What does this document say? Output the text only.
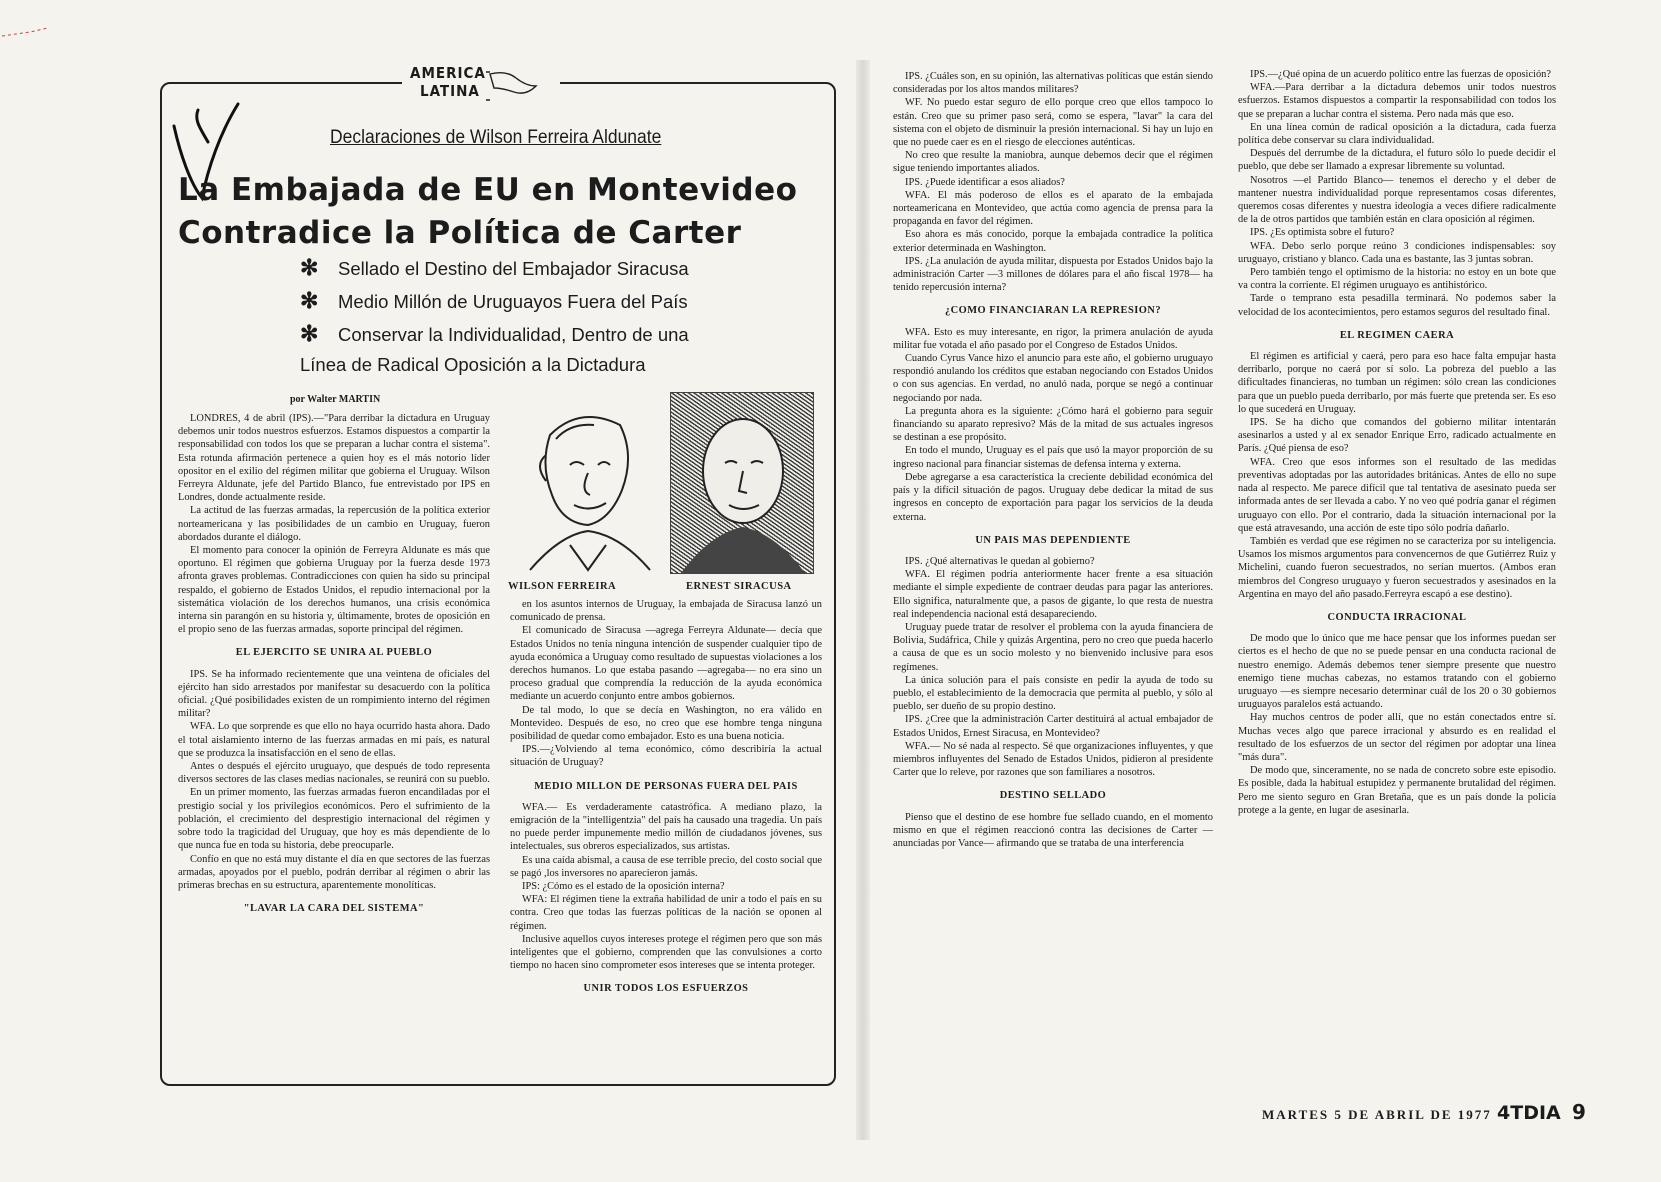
AMERICA
LATINA
Declaraciones de Wilson Ferreira Aldunate
La Embajada de EU en Montevideo
Contradice la Política de Carter
✻ Sellado el Destino del Embajador Siracusa
✻ Medio Millón de Uruguayos Fuera del País
✻ Conservar la Individualidad, Dentro de una
Línea de Radical Oposición a la Dictadura
por Walter MARTIN

LONDRES, 4 de abril (IPS).—"Para derribar la dictadura en Uruguay debemos unir todos nuestros esfuerzos. Estamos dispuestos a compartir la responsabilidad con todos los que se preparan a luchar contra el sistema". Esta rotunda afirmación pertenece a quien hoy es el más notorio líder opositor en el exilio del régimen militar que gobierna el Uruguay. Wilson Ferreyra Aldunate, jefe del Partido Blanco, fue entrevistado por IPS en Londres, donde actualmente reside.

La actitud de las fuerzas armadas, la repercusión de la política exterior norteamericana y las posibilidades de un cambio en Uruguay, fueron abordados durante el diálogo.

El momento para conocer la opinión de Ferreyra Aldunate es más que oportuno. El régimen que gobierna Uruguay por la fuerza desde 1973 afronta graves problemas. Contradicciones con quien ha sido su principal respaldo, el gobierno de Estados Unidos, el repudio internacional por la sistemática violación de los derechos humanos, una crisis económica interna sin parangón en su historia y, últimamente, brotes de oposición en el propio seno de las fuerzas armadas, soporte principal del régimen.

EL EJERCITO SE UNIRA AL PUEBLO

IPS. Se ha informado recientemente que una veintena de oficiales del ejército han sido arrestados por manifestar su desacuerdo con la política oficial. ¿Qué posibilidades existen de un rompimiento interno del régimen militar?

WFA. Lo que sorprende es que ello no haya ocurrido hasta ahora. Dado el total aislamiento interno de las fuerzas armadas en mi país, es natural que se produzca la insatisfacción en el seno de ellas.

Antes o después el ejército uruguayo, que después de todo representa diversos sectores de las clases medias nacionales, se reunirá con su pueblo.

En un primer momento, las fuerzas armadas fueron encandiladas por el prestigio social y los privilegios económicos. Pero el sufrimiento de la población, el crecimiento del desprestigio internacional del régimen y sobre todo la tragicidad del Uruguay, que hoy es más dependiente de lo que nunca fue en toda su historia, debe preocuparle.

Confío en que no está muy distante el día en que sectores de las fuerzas armadas, apoyados por el pueblo, podrán derribar al régimen o abrir las primeras brechas en su estructura, aparentemente monolíticas.

"LAVAR LA CARA DEL SISTEMA"
WILSON FERREIRA	ERNEST SIRACUSA

en los asuntos internos de Uruguay, la embajada de Siracusa lanzó un comunicado de prensa.

El comunicado de Siracusa —agrega Ferreyra Aldunate— decía que Estados Unidos no tenía ninguna intención de suspender cualquier tipo de ayuda económica a Uruguay como resultado de supuestas violaciones a los derechos humanos. Lo que estaba pasando —agregaba— no era sino un proceso gradual que comprendía la reducción de la ayuda económica mediante un acuerdo conjunto entre ambos gobiernos.

De tal modo, lo que se decía en Washington, no era válido en Montevideo. Después de eso, no creo que ese hombre tenga ninguna posibilidad de quedar como embajador. Esto es una buena noticia.

IPS.—¿Volviendo al tema económico, cómo describiría la actual situación de Uruguay?

MEDIO MILLON DE PERSONAS FUERA DEL PAIS

WFA.— Es verdaderamente catastrófica. A mediano plazo, la emigración de la "intelligentzia" del país ha causado una tragedia. Un país no puede perder impunemente medio millón de ciudadanos jóvenes, sus intelectuales, sus obreros especializados, sus artistas.

Es una caída abismal, a causa de ese terrible precio, del costo social que se pagó ,los inversores no aparecieron jamás.

IPS: ¿Cómo es el estado de la oposición interna?

WFA: El régimen tiene la extraña habilidad de unir a todo el país en su contra. Creo que todas las fuerzas políticas de la nación se oponen al régimen.

Inclusive aquellos cuyos intereses protege el régimen pero que son más inteligentes que el gobierno, comprenden que las convulsiones a corto tiempo no hacen sino comprometer esos intereses que se intenta proteger.

UNIR TODOS LOS ESFUERZOS

IPS. ¿Cuáles son, en su opinión, las alternativas políticas que están siendo consideradas por los altos mandos militares?

WF. No puedo estar seguro de ello porque creo que ellos tampoco lo están. Creo que su primer paso será, como se espera, "lavar" la cara del sistema con el objeto de disminuir la presión internacional. Si hay un lujo en que no puede caer es en el riesgo de elecciones auténticas.

No creo que resulte la maniobra, aunque debemos decir que el régimen sigue teniendo importantes aliados.

IPS. ¿Puede identificar a esos aliados?

WFA. El más poderoso de ellos es el aparato de la embajada norteamericana en Montevideo, que actúa como agencia de prensa para la propaganda en favor del régimen.

Eso ahora es más conocido, porque la embajada contradice la política exterior determinada en Washington.

IPS. ¿La anulación de ayuda militar, dispuesta por Estados Unidos bajo la administración Carter —3 millones de dólares para el año fiscal 1978— ha tenido repercusión interna?

¿COMO FINANCIARAN LA REPRESION?

WFA. Esto es muy interesante, en rigor, la primera anulación de ayuda militar fue votada el año pasado por el Congreso de Estados Unidos.

Cuando Cyrus Vance hizo el anuncio para este año, el gobierno uruguayo respondió anulando los créditos que estaban negociando con Estados Unidos o con sus agencias. En verdad, no anuló nada, porque se negó a continuar negociando por nada.

La pregunta ahora es la siguiente: ¿Cómo hará el gobierno para seguir financiando su aparato represivo? Más de la mitad de sus actuales ingresos se destinan a ese propósito.

En todo el mundo, Uruguay es el país que usó la mayor proporción de su ingreso nacional para financiar sistemas de defensa interna y externa.

Debe agregarse a esa característica la creciente debilidad económica del país y la difícil situación de pagos. Uruguay debe dedicar la mitad de sus ingresos en concepto de exportación para pagar los servicios de la deuda externa.

UN PAIS MAS DEPENDIENTE

IPS. ¿Qué alternativas le quedan al gobierno?

WFA. El régimen podría anteriormente hacer frente a esa situación mediante el simple expediente de contraer deudas para pagar las anteriores. Ello significa, naturalmente que, a pasos de gigante, lo que resta de nuestra real independencia nacional está desapareciendo.

Uruguay puede tratar de resolver el problema con la ayuda financiera de Bolivia, Sudáfrica, Chile y quizás Argentina, pero no creo que pueda hacerlo a causa de que es un socio molesto y no bienvenido inclusive para esos regímenes.

La única solución para el país consiste en pedir la ayuda de todo su pueblo, el establecimiento de la democracia que permita al pueblo, y sólo al pueblo, ser dueño de su propio destino.

IPS. ¿Cree que la administración Carter destituirá al actual embajador de Estados Unidos, Ernest Siracusa, en Montevideo?

WFA.— No sé nada al respecto. Sé que organizaciones influyentes, y que miembros influyentes del Senado de Estados Unidos, pidieron al presidente Carter que lo releve, por razones que son familiares a nosotros.

DESTINO SELLADO

Pienso que el destino de ese hombre fue sellado cuando, en el momento mismo en que el régimen reaccionó contra las decisiones de Carter —anunciadas por Vance— afirmando que se trataba de una interferencia

IPS.—¿Qué opina de un acuerdo político entre las fuerzas de oposición?

WFA.—Para derribar a la dictadura debemos unir todos nuestros esfuerzos. Estamos dispuestos a compartir la responsabilidad con todos los que se preparan a luchar contra el sistema. Pero nada más que eso.

En una línea común de radical oposición a la dictadura, cada fuerza política debe conservar su clara individualidad.

Después del derrumbe de la dictadura, el futuro sólo lo puede decidir el pueblo, que debe ser llamado a expresar libremente su voluntad.

Nosotros —el Partido Blanco— tenemos el derecho y el deber de mantener nuestra individualidad porque representamos cosas diferentes, queremos cosas diferentes y nuestra ideología a veces difiere radicalmente de la de otros partidos que también están en clara oposición al régimen.

IPS. ¿Es optimista sobre el futuro?

WFA. Debo serlo porque reúno 3 condiciones indispensables: soy uruguayo, cristiano y blanco. Cada una es bastante, las 3 juntas sobran.

Pero también tengo el optimismo de la historia: no estoy en un bote que va contra la corriente. El régimen uruguayo es antihistórico.

Tarde o temprano esta pesadilla terminará. No podemos saber la velocidad de los acontecimientos, pero estamos seguros del resultado final.

EL REGIMEN CAERA

El régimen es artificial y caerá, pero para eso hace falta empujar hasta derribarlo, porque no caerá por sí solo. La pobreza del pueblo a las dificultades financieras, no tumban un régimen: sólo crean las condiciones para que un pueblo pueda derribarlo, por más fuerte que pretenda ser. Es eso lo que sucederá en Uruguay.

IPS. Se ha dicho que comandos del gobierno militar intentarán asesinarlos a usted y al ex senador Enrique Erro, radicado actualmente en París. ¿Qué piensa de eso?

WFA. Creo que esos informes son el resultado de las medidas preventivas adoptadas por las autoridades británicas. Antes de ello no supe nada al respecto. Me parece difícil que tal tentativa de asesinato pueda ser informada antes de ser llevada a cabo. Y no veo qué podría ganar el régimen uruguayo con ello. Por el contrario, dada la situación internacional por la que está atravesando, una acción de este tipo sólo podría dañarlo.

También es verdad que ese régimen no se caracteriza por su inteligencia. Usamos los mismos argumentos para convencernos de que Gutiérrez Ruiz y Michelini, cuando fueron secuestrados, no serían muertos. (Ambos eran miembros del Congreso uruguayo y fueron secuestrados y asesinados en la Argentina en mayo del año pasado.Ferreyra escapó a ese destino).

CONDUCTA IRRACIONAL

De modo que lo único que me hace pensar que los informes puedan ser ciertos es el hecho de que no se puede pensar en una conducta racional de nuestro enemigo. Además debemos tener siempre presente que nuestro enemigo tiene muchas cabezas, no estamos tratando con el gobierno uruguayo —es siempre necesario determinar cuál de los 20 o 30 gobiernos uruguayos paralelos está actuando.

Hay muchos centros de poder allí, que no están conectados entre sí. Muchas veces algo que parece irracional y absurdo es en realidad el resultado de los esfuerzos de un sector del régimen por adoptar una línea "más dura".

De modo que, sinceramente, no se nada de concreto sobre este episodio. Es posible, dada la habitual estupidez y permanente brutalidad del régimen. Pero me siento seguro en Gran Bretaña, que es un país donde la policía protege a la gente, en lugar de asesinarla.

MARTES 5 DE ABRIL DE 1977 4TDIA 9
